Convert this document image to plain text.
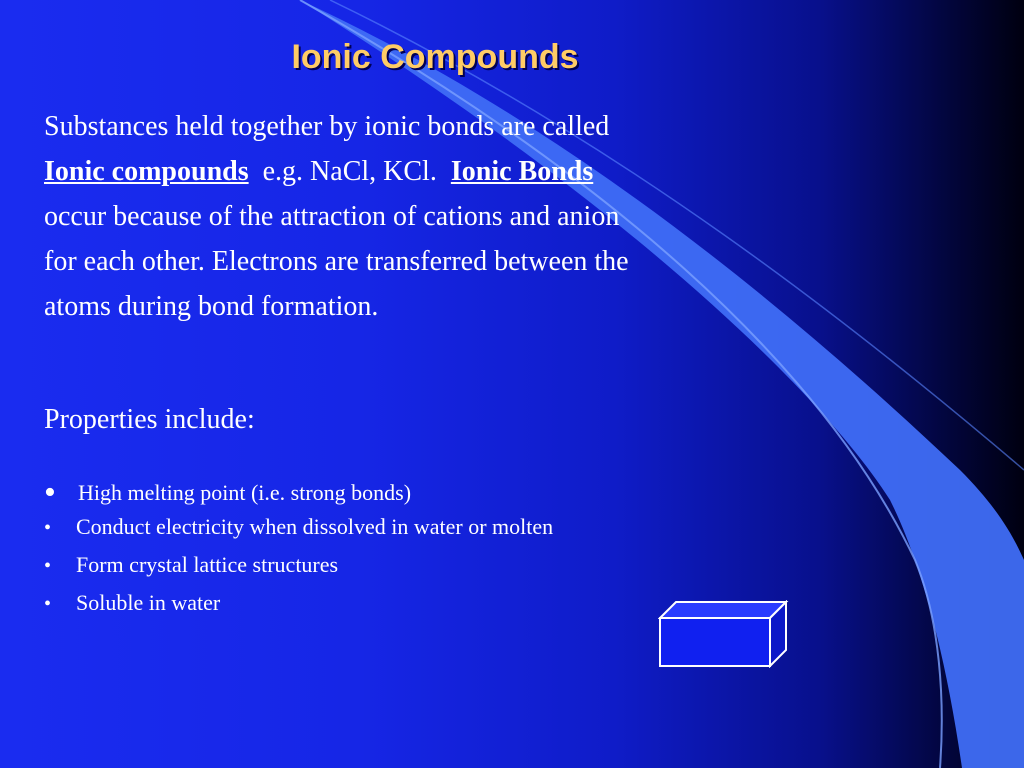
Ionic Compounds
Substances held together by ionic bonds are called
Ionic compounds e.g. NaCl, KCl. Ionic Bonds
occur because of the attraction of cations and anion
for each other. Electrons are transferred between the
atoms during bond formation.
Properties include:
• High melting point (i.e. strong bonds)
• Conduct electricity when dissolved in water or molten
• Form crystal lattice structures
• Soluble in water
